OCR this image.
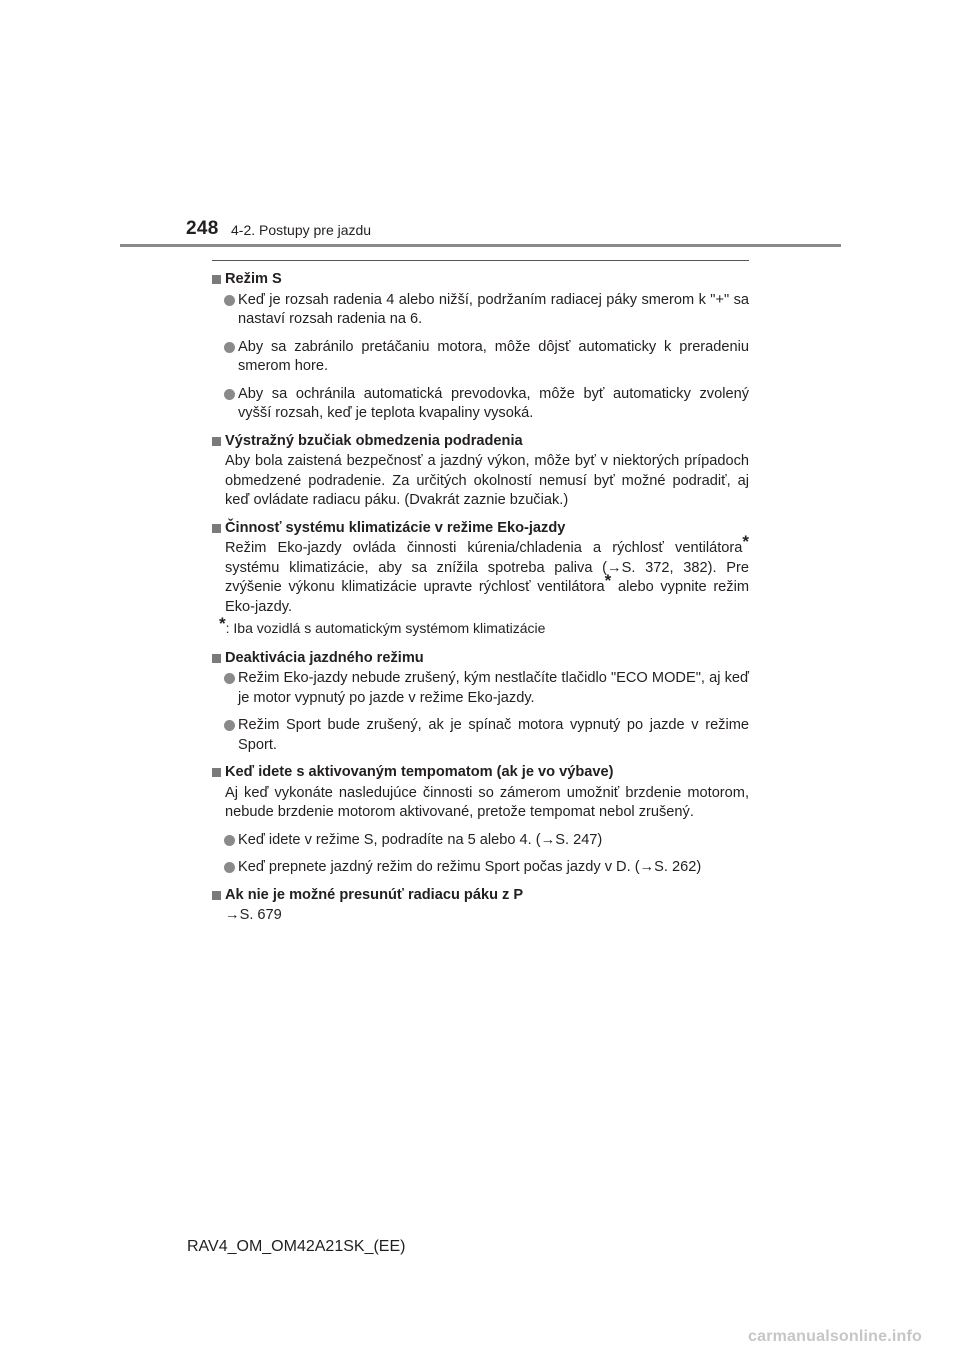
248 4-2. Postupy pre jazdu
Režim S
Keď je rozsah radenia 4 alebo nižší, podržaním radiacej páky smerom k "+" sa nastaví rozsah radenia na 6.
Aby sa zabránilo pretáčaniu motora, môže dôjsť automaticky k preradeniu smerom hore.
Aby sa ochránila automatická prevodovka, môže byť automaticky zvolený vyšší rozsah, keď je teplota kvapaliny vysoká.
Výstražný bzučiak obmedzenia podradenia
Aby bola zaistená bezpečnosť a jazdný výkon, môže byť v niektorých prípadoch obmedzené podradenie. Za určitých okolností nemusí byť možné podradiť, aj keď ovládate radiacu páku. (Dvakrát zaznie bzučiak.)
Činnosť systému klimatizácie v režime Eko-jazdy
Režim Eko-jazdy ovláda činnosti kúrenia/chladenia a rýchlosť ventilátora* systému klimatizácie, aby sa znížila spotreba paliva (→S. 372, 382). Pre zvýšenie výkonu klimatizácie upravte rýchlosť ventilátora* alebo vypnite režim Eko-jazdy.
*: Iba vozidlá s automatickým systémom klimatizácie
Deaktivácia jazdného režimu
Režim Eko-jazdy nebude zrušený, kým nestlačíte tlačidlo "ECO MODE", aj keď je motor vypnutý po jazde v režime Eko-jazdy.
Režim Sport bude zrušený, ak je spínač motora vypnutý po jazde v režime Sport.
Keď idete s aktivovaným tempomatom (ak je vo výbave)
Aj keď vykonáte nasledujúce činnosti so zámerom umožniť brzdenie motorom, nebude brzdenie motorom aktivované, pretože tempomat nebol zrušený.
Keď idete v režime S, podradíte na 5 alebo 4. (→S. 247)
Keď prepnete jazdný režim do režimu Sport počas jazdy v D. (→S. 262)
Ak nie je možné presunúť radiacu páku z P
→S. 679
RAV4_OM_OM42A21SK_(EE)
carmanualsonline.info
